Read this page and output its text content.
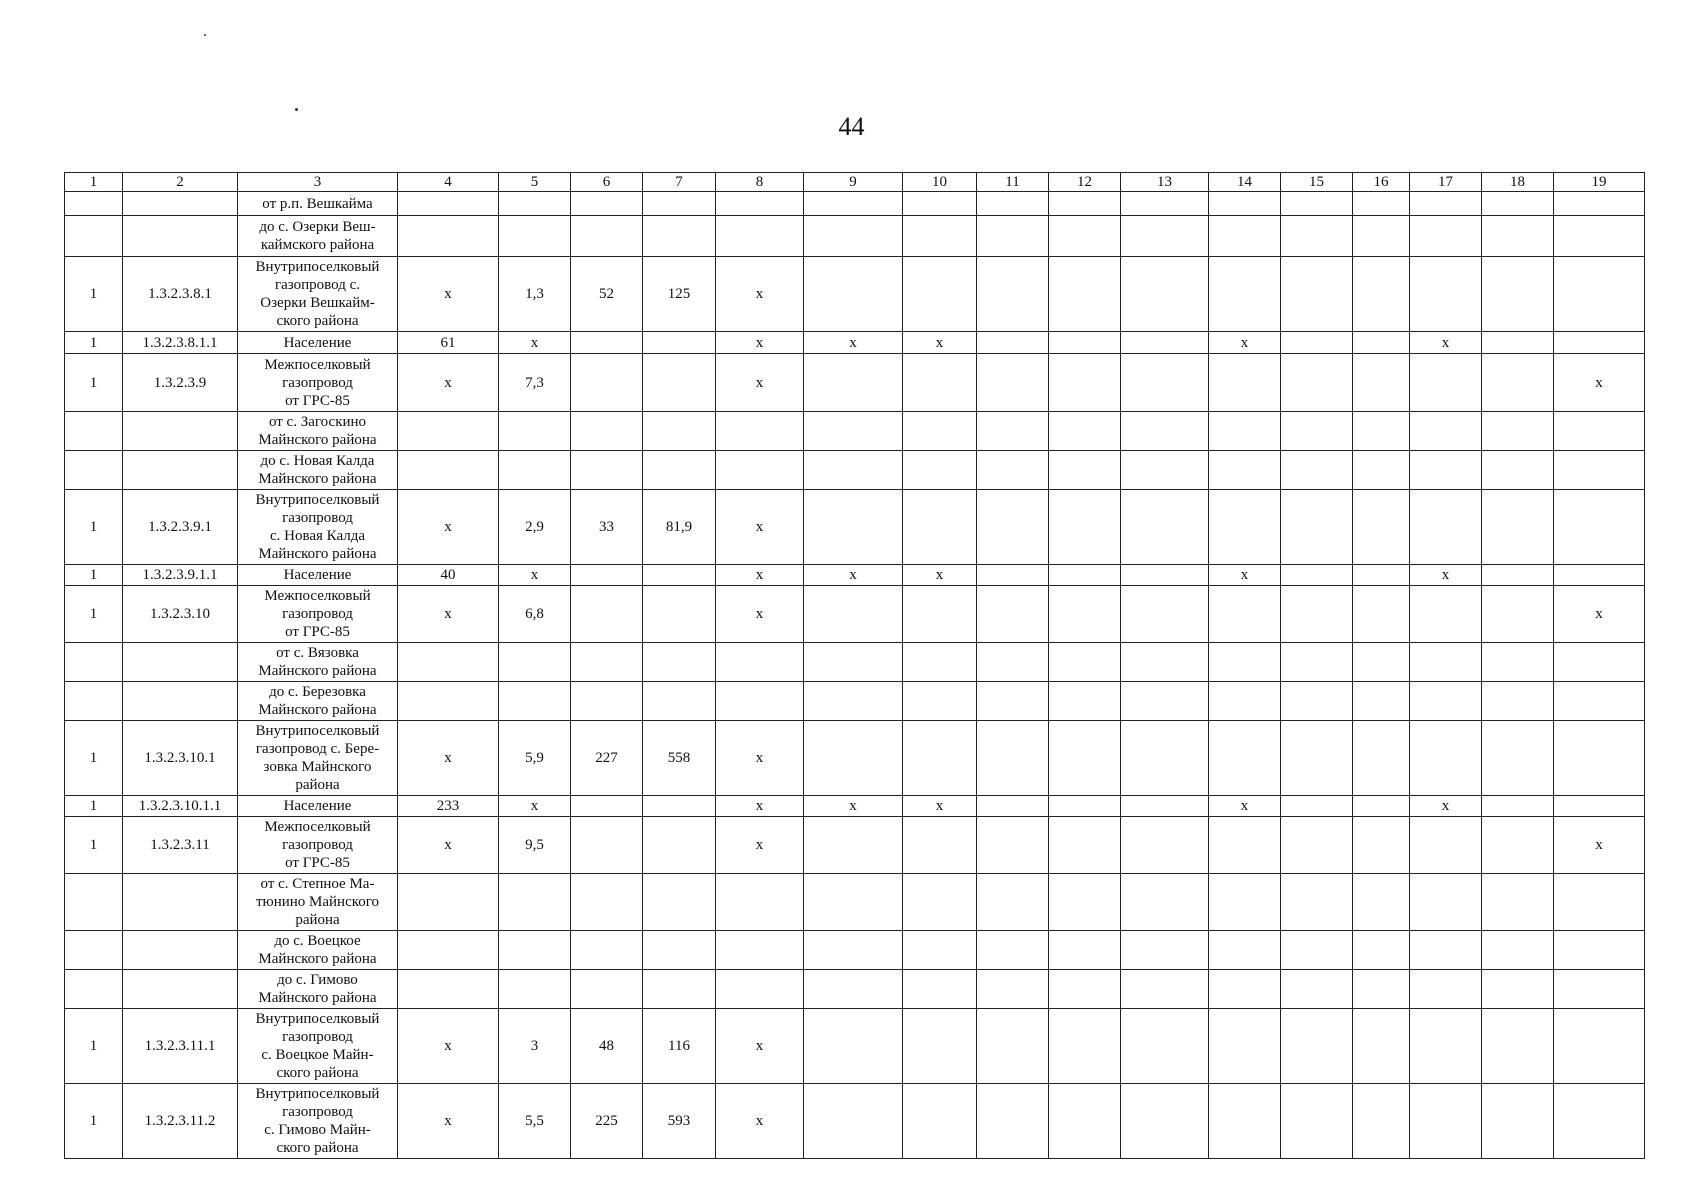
44
1	2	3	4	5	6	7	8	9	10	11	12	13	14	15	16	17	18	19
		от р.п. Вешкайма																
		до с. Озерки Веш-
каймского района																
1	1.3.2.3.8.1	Внутрипоселковый
газопровод с.
Озерки Вешкайм-
ского района	х	1,3	52	125	х											
1	1.3.2.3.8.1.1	Население	61	х			х	х	х				х			х		
1	1.3.2.3.9	Межпоселковый
газопровод
от ГРС-85	х	7,3			х											х
		от с. Загоскино
Майнского района																
		до с. Новая Калда
Майнского района																
1	1.3.2.3.9.1	Внутрипоселковый
газопровод
с. Новая Калда
Майнского района	х	2,9	33	81,9	х											
1	1.3.2.3.9.1.1	Население	40	х			х	х	х				х			х		
1	1.3.2.3.10	Межпоселковый
газопровод
от ГРС-85	х	6,8			х											х
		от с. Вязовка
Майнского района																
		до с. Березовка
Майнского района																
1	1.3.2.3.10.1	Внутрипоселковый
газопровод с. Бере-
зовка Майнского
района	х	5,9	227	558	х											
1	1.3.2.3.10.1.1	Население	233	х			х	х	х				х			х		
1	1.3.2.3.11	Межпоселковый
газопровод
от ГРС-85	х	9,5			х											х
		от с. Степное Ма-
тюнино Майнского
района																
		до с. Воецкое
Майнского района																
		до с. Гимово
Майнского района																
1	1.3.2.3.11.1	Внутрипоселковый
газопровод
с. Воецкое Майн-
ского района	х	3	48	116	х											
1	1.3.2.3.11.2	Внутрипоселковый
газопровод
с. Гимово Майн-
ского района	х	5,5	225	593	х											
